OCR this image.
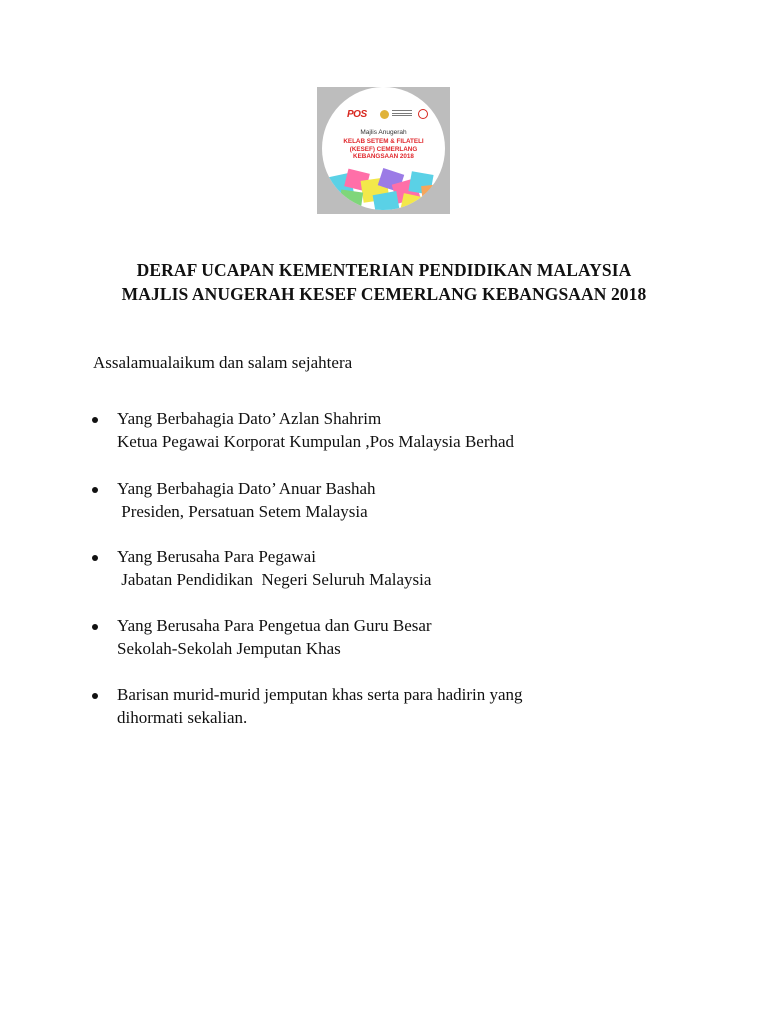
POS
Majlis Anugerah
KELAB SETEM & FILATELI
(KESEF) CEMERLANG
KEBANGSAAN 2018
DERAF UCAPAN KEMENTERIAN PENDIDIKAN MALAYSIA
MAJLIS ANUGERAH KESEF CEMERLANG KEBANGSAAN 2018
Assalamualaikum dan salam sejahtera
Yang Berbahagia Dato’ Azlan Shahrim
Ketua Pegawai Korporat Kumpulan ,Pos Malaysia Berhad
Yang Berbahagia Dato’ Anuar Bashah
Presiden, Persatuan Setem Malaysia
Yang Berusaha Para Pegawai
Jabatan Pendidikan  Negeri Seluruh Malaysia
Yang Berusaha Para Pengetua dan Guru Besar
Sekolah-Sekolah Jemputan Khas
Barisan murid-murid jemputan khas serta para hadirin yang
dihormati sekalian.
